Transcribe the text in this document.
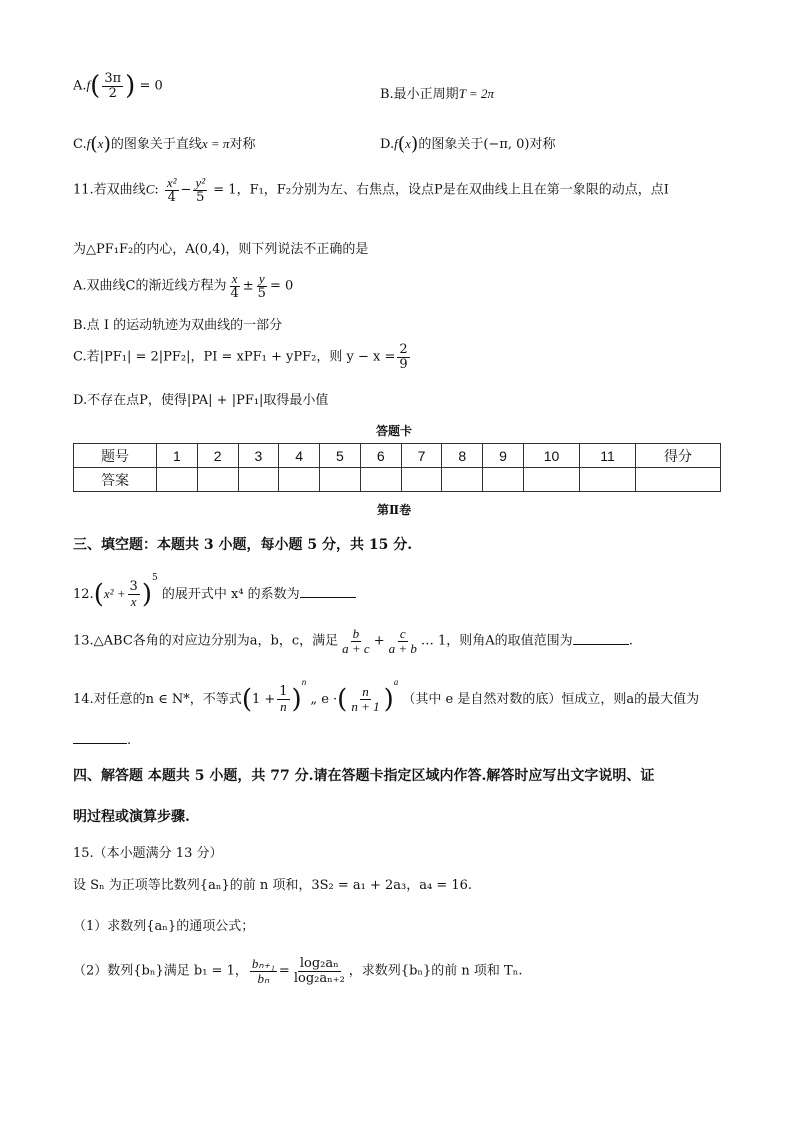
$A.f( \frac{3\pi}{2}$ ) = 0
B.最小正周期T = 2π
C.f(x)的图象关于直线x = π对称	D.f(x)的图象关于(−π, 0)对称
11.若双曲线C: $\frac{\text{x²}}{4} - \frac{\text{y²}}{5} = 1$，F₁，F₂分别为左、右焦点，设点P是在双曲线上且在第一象限的动点，点I
为△PF₁F₂的内心，A(0,4)，则下列说法不正确的是
A.双曲线C的渐近线方程为 $\frac{x}{4} \pm \frac{y}{5} = 0$
B.点 I 的运动轨迹为双曲线的一部分
C.若|PF₁| = 2|PF₂|，PI = xPF₁ + yPF₂，则 $y - x = \frac{2}{9}$
D.不存在点P，使得|PA| + |PF₁|取得最小值
答题卡
题号	1	2	3	4	5	6	7	8	9	10	11	得分
答案												
第Ⅱ卷
三、填空题：本题共 3 小题，每小题 5 分，共 15 分.
$12.(x^2 + \frac{3}{x} )^5$ 的展开式中 x⁴ 的系数为
13.△ABC各角的对应边分别为a，b，c，满足 $\frac{b}{a + c} + \frac{c}{a + b}$ … 1，则角A的取值范围为	.
14.对任意的n ∈ N*，不等式$(1 + \frac{1}{n} )^n$ „ e ·( $\frac{n}{n + 1} )^a$ （其中 e 是自然对数的底）恒成立，则a的最大值为
.
四、解答题 本题共 5 小题，共 77 分.请在答题卡指定区域内作答.解答时应写出文字说明、证
明过程或演算步骤.
15.（本小题满分 13 分）
设 Sₙ 为正项等比数列{aₙ}的前 n 项和，3S₂ = a₁ + 2a₃，a₄ = 16.
（1）求数列{aₙ}的通项公式；
（2）数列{bₙ}满足 b₁ = 1， $\frac{\text{bₙ₊₁}}{\text{bₙ}} = \frac{\text{log₂aₙ}}{\text{log₂aₙ₊₂}}$ ，求数列{bₙ}的前 n 项和 Tₙ.
